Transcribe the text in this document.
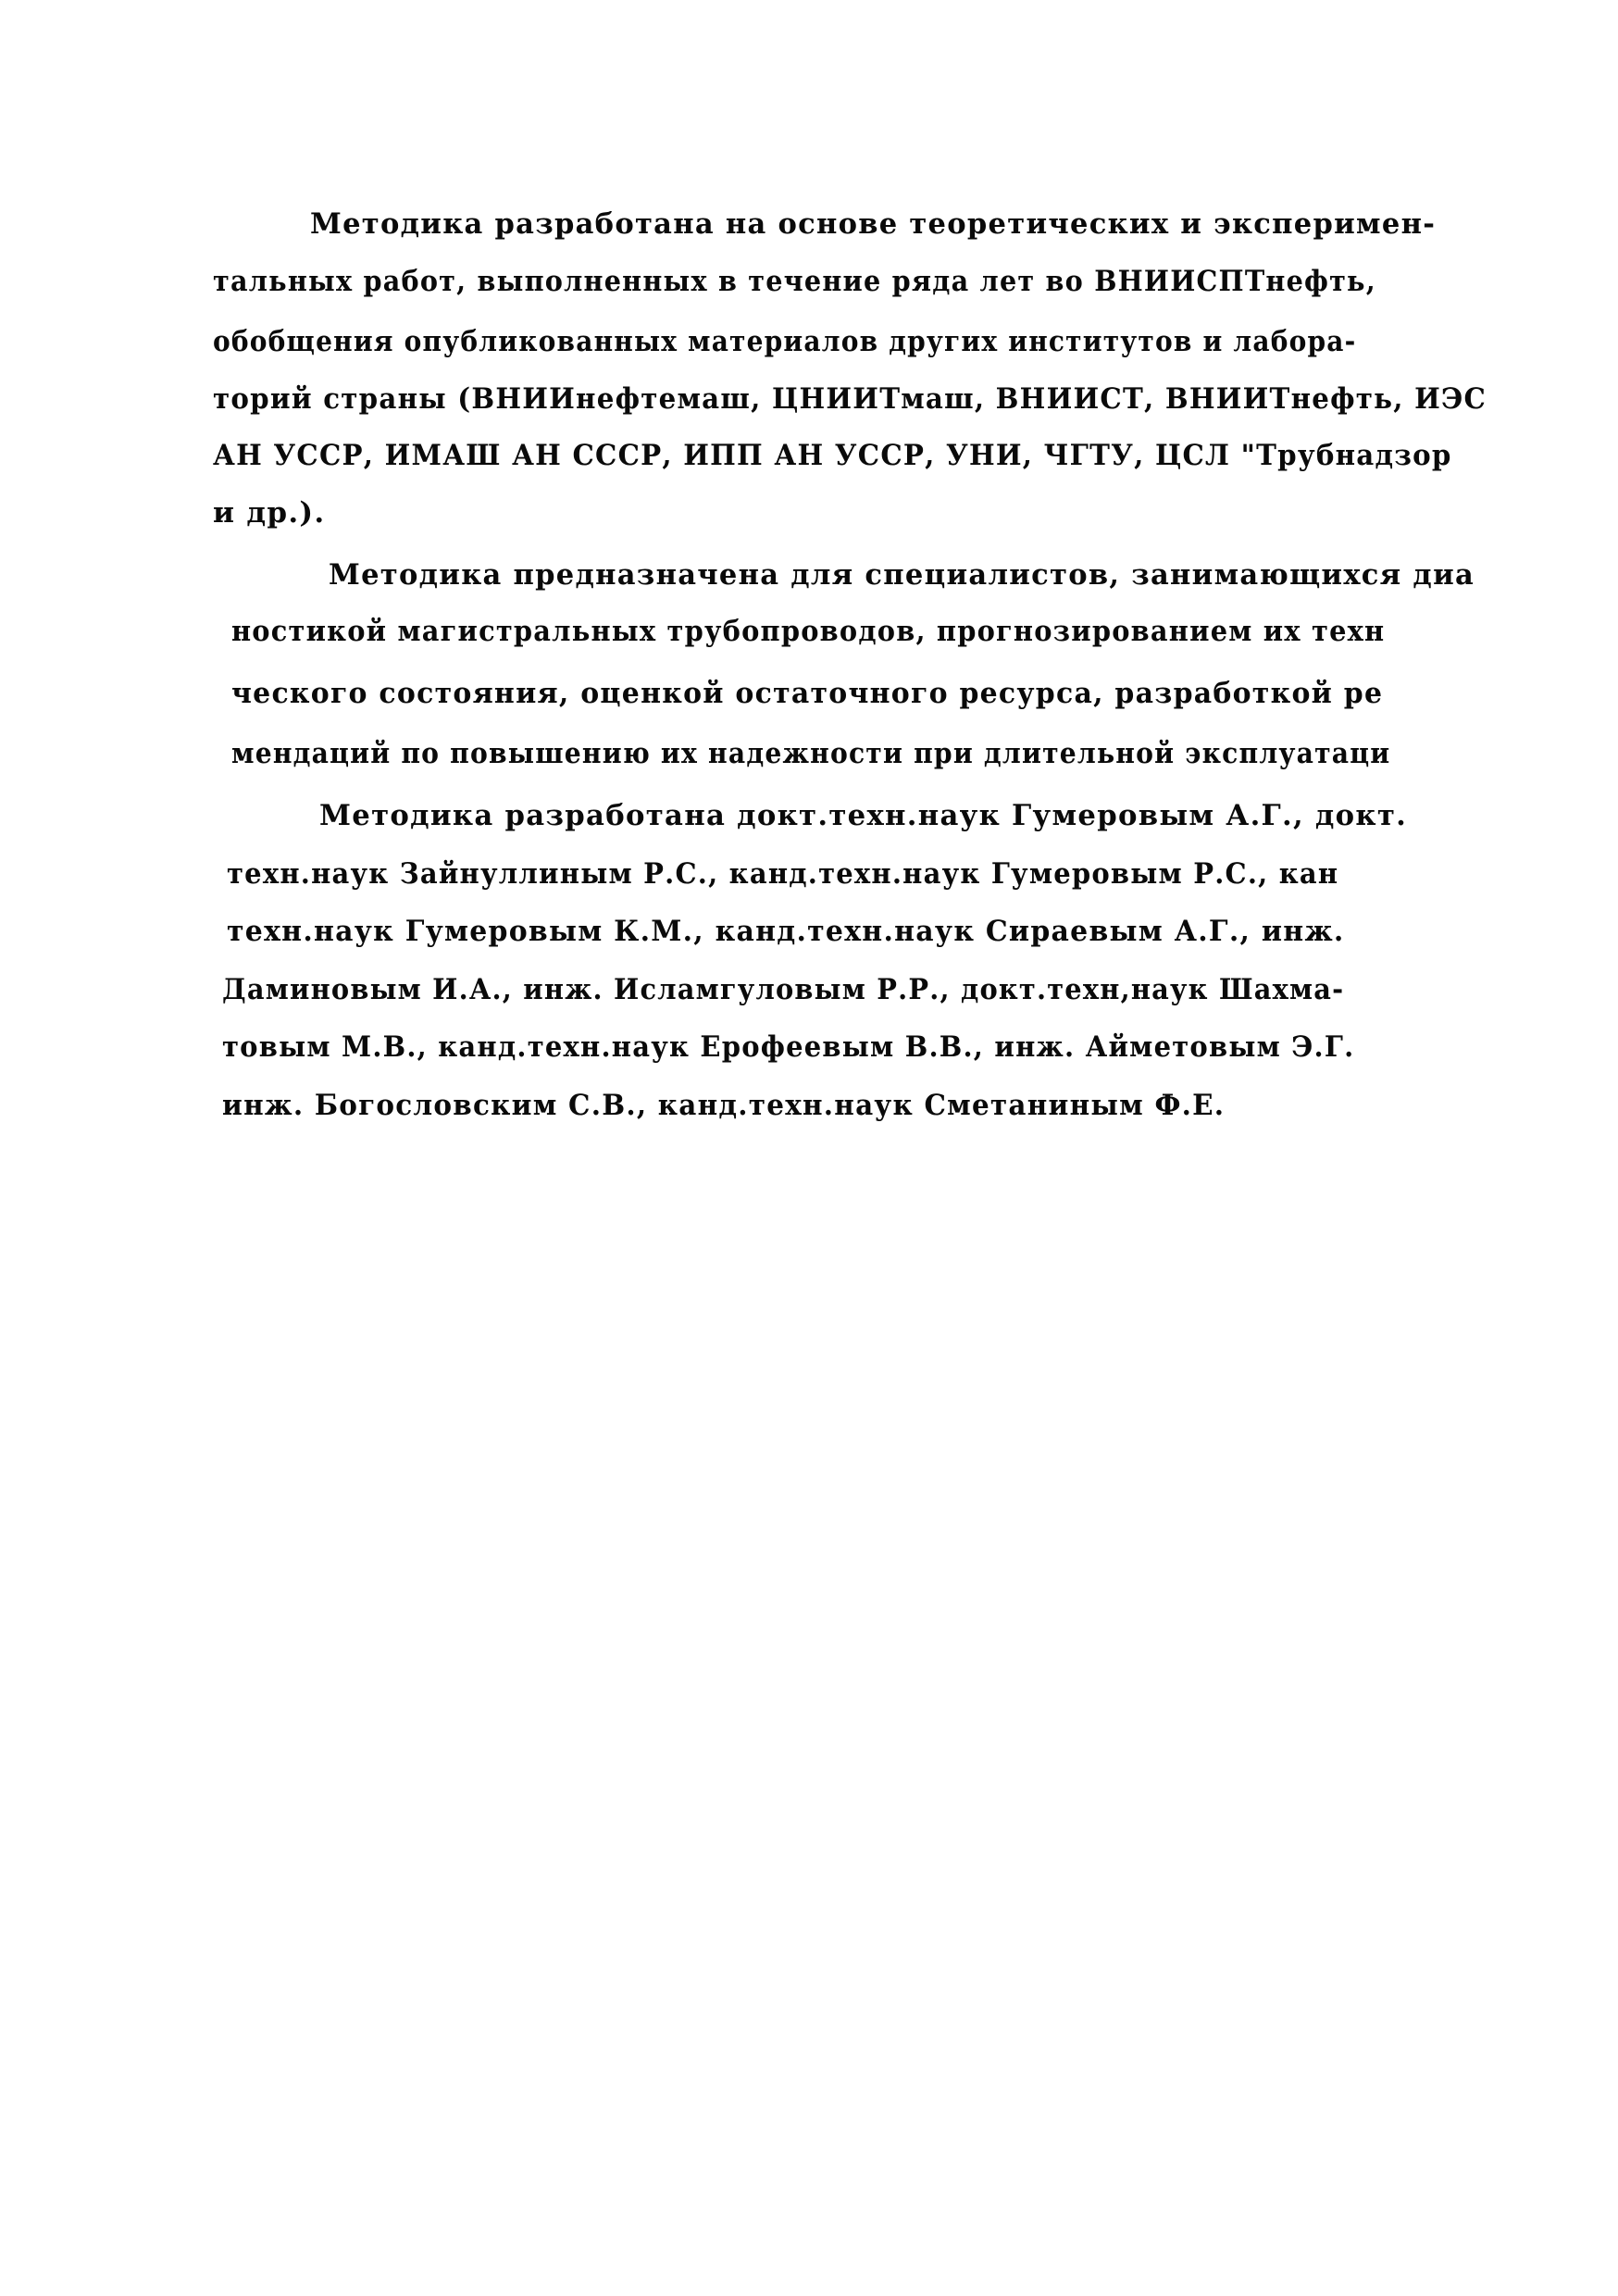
Методика разработана на основе теоретических и эксперимен-
тальных работ, выполненных в течение ряда лет во ВНИИСПТнефть,
обобщения опубликованных материалов других институтов и лабора-
торий страны (ВНИИнефтемаш, ЦНИИТмаш, ВНИИСТ, ВНИИТнефть, ИЭС
АН УССР, ИМАШ АН СССР, ИПП АН УССР, УНИ, ЧГТУ, ЦСЛ "Трубнадзор
и др.).
Методика предназначена для специалистов, занимающихся диа
ностикой магистральных трубопроводов, прогнозированием их техн
ческого состояния, оценкой остаточного ресурса, разработкой ре
мендаций по повышению их надежности при длительной эксплуатаци
Методика разработана докт.техн.наук Гумеровым А.Г., докт.
техн.наук Зайнуллиным Р.С., канд.техн.наук Гумеровым Р.С., кан
техн.наук Гумеровым К.М., канд.техн.наук Сираевым А.Г., инж.
Даминовым И.А., инж. Исламгуловым Р.Р., докт.техн,наук Шахма-
товым М.В., канд.техн.наук Ерофеевым В.В., инж. Айметовым Э.Г.
инж. Богословским С.В., канд.техн.наук Сметаниным Ф.Е.
